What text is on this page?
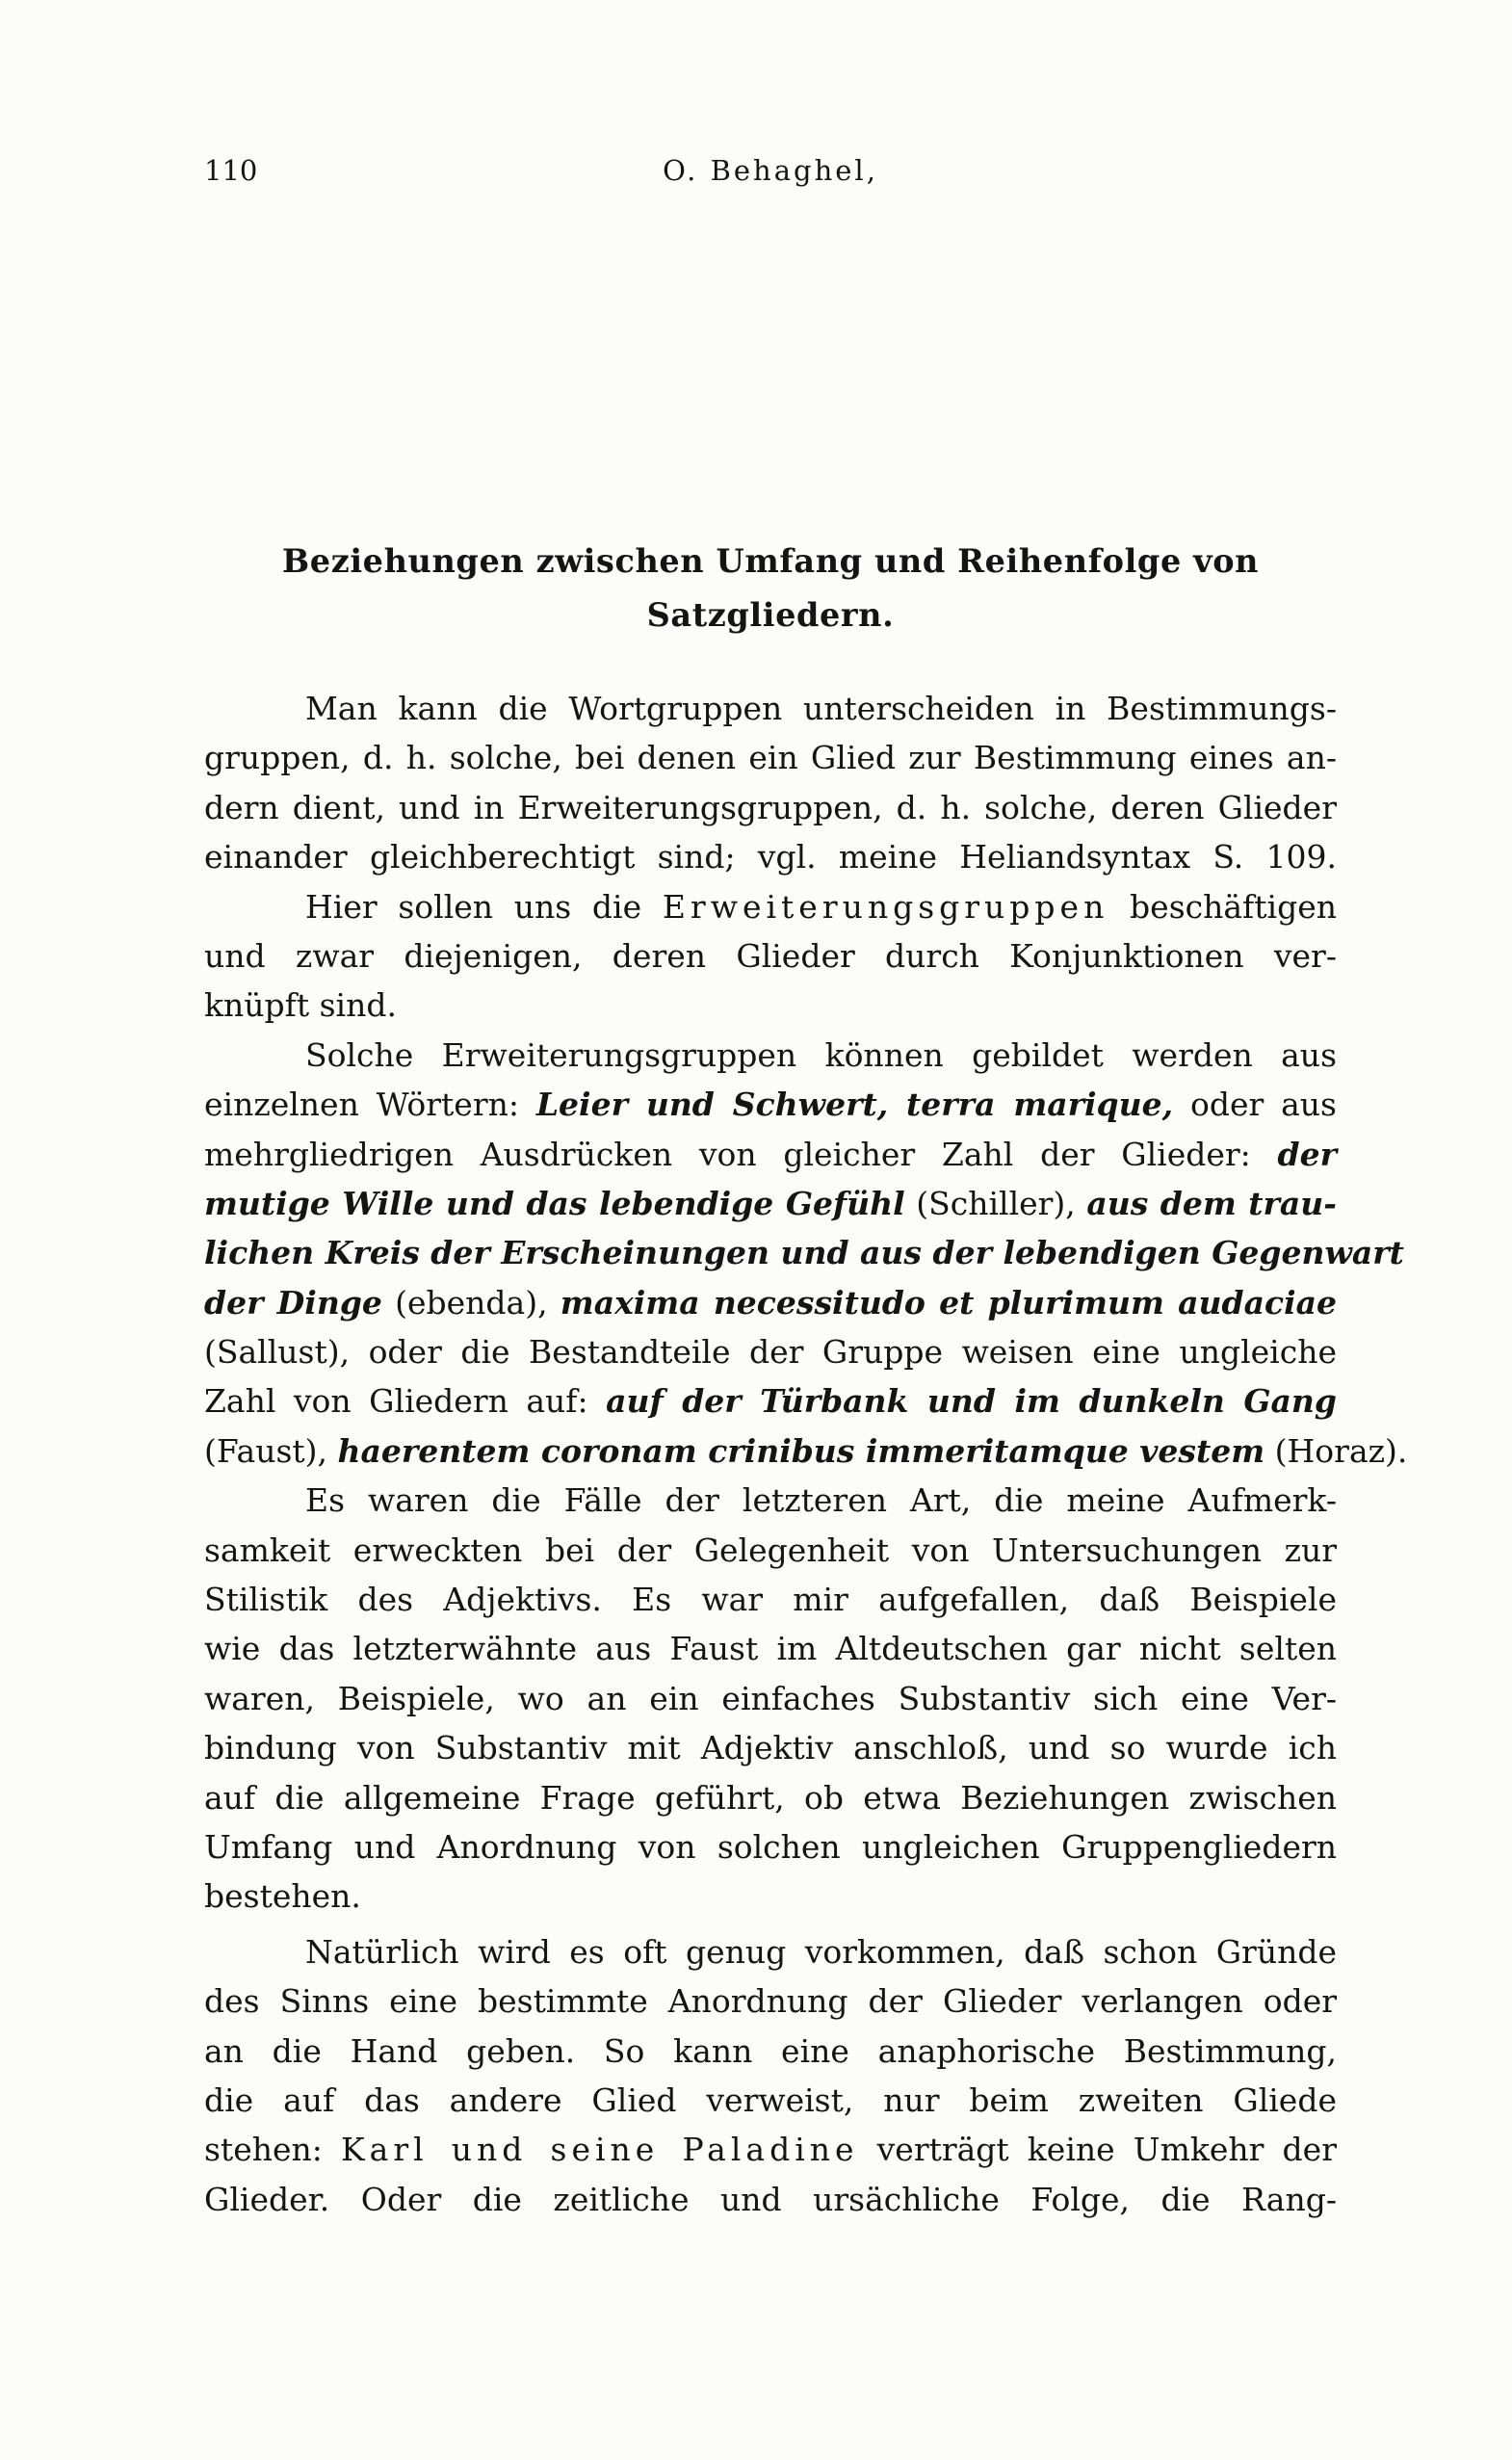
110	O. Behaghel,
Beziehungen zwischen Umfang und Reihenfolge von
Satzgliedern.
Man kann die Wortgruppen unterscheiden in Bestimmungs-
gruppen, d. h. solche, bei denen ein Glied zur Bestimmung eines an-
dern dient, und in Erweiterungsgruppen, d. h. solche, deren Glieder
einander gleichberechtigt sind; vgl. meine Heliandsyntax S. 109.
Hier sollen uns die Erweiterungsgruppen beschäftigen
und zwar diejenigen, deren Glieder durch Konjunktionen ver-
knüpft sind.
Solche Erweiterungsgruppen können gebildet werden aus
einzelnen Wörtern: Leier und Schwert, terra marique, oder aus
mehrgliedrigen Ausdrücken von gleicher Zahl der Glieder: der
mutige Wille und das lebendige Gefühl (Schiller), aus dem trau-
lichen Kreis der Erscheinungen und aus der lebendigen Gegenwart
der Dinge (ebenda), maxima necessitudo et plurimum audaciae
(Sallust), oder die Bestandteile der Gruppe weisen eine ungleiche
Zahl von Gliedern auf: auf der Türbank und im dunkeln Gang
(Faust), haerentem coronam crinibus immeritamque vestem (Horaz).
Es waren die Fälle der letzteren Art, die meine Aufmerk-
samkeit erweckten bei der Gelegenheit von Untersuchungen zur
Stilistik des Adjektivs. Es war mir aufgefallen, daß Beispiele
wie das letzterwähnte aus Faust im Altdeutschen gar nicht selten
waren, Beispiele, wo an ein einfaches Substantiv sich eine Ver-
bindung von Substantiv mit Adjektiv anschloß, und so wurde ich
auf die allgemeine Frage geführt, ob etwa Beziehungen zwischen
Umfang und Anordnung von solchen ungleichen Gruppengliedern
bestehen.
Natürlich wird es oft genug vorkommen, daß schon Gründe
des Sinns eine bestimmte Anordnung der Glieder verlangen oder
an die Hand geben. So kann eine anaphorische Bestimmung,
die auf das andere Glied verweist, nur beim zweiten Gliede
stehen: Karl und seine Paladine verträgt keine Umkehr der
Glieder. Oder die zeitliche und ursächliche Folge, die Rang-
